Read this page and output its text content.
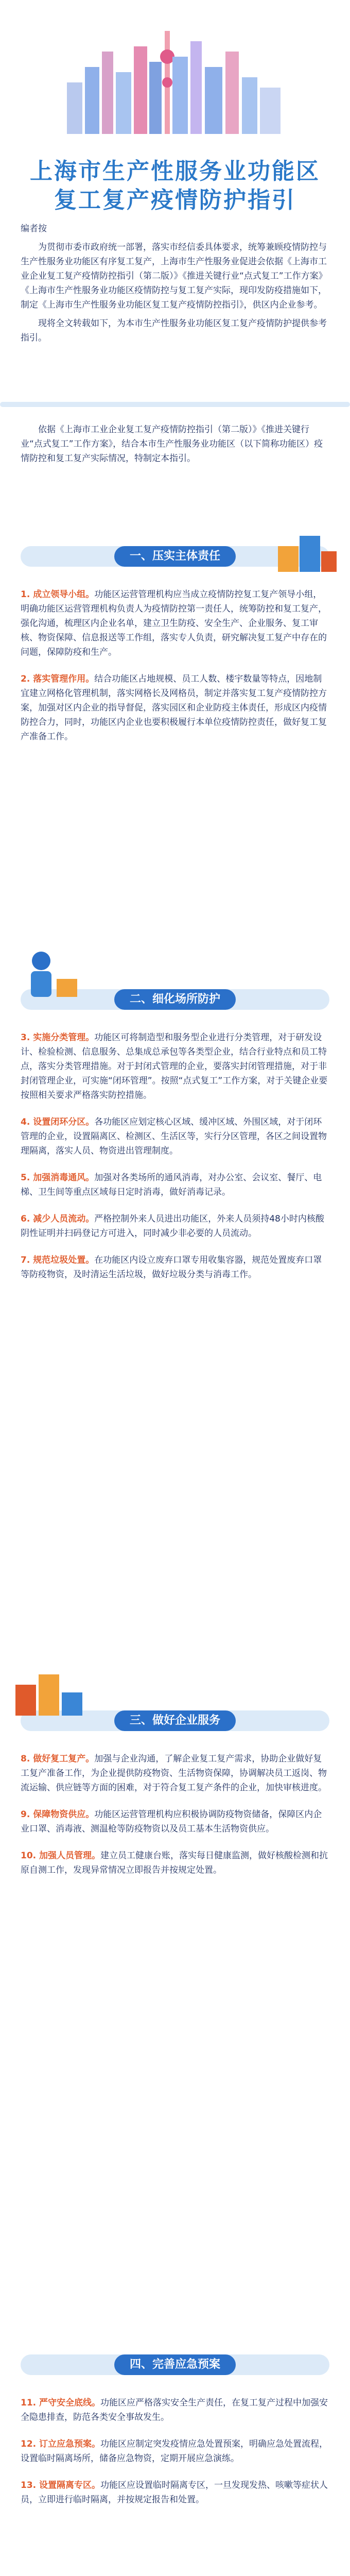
上海市生产性服务业功能区
复工复产疫情防护指引
编者按

为贯彻市委市政府统一部署，落实市经信委具体要求，统筹兼顾疫情防控与生产性服务业功能区有序复工复产，上海市生产性服务业促进会依据《上海市工业企业复工复产疫情防控指引（第二版）》《推进关键行业“点式复工”工作方案》《上海市生产性服务业功能区疫情防控与复工复产实际，现印发防疫措施如下，制定《上海市生产性服务业功能区复工复产疫情防控指引》，供区内企业参考。

现将全文转载如下，为本市生产性服务业功能区复工复产疫情防护提供参考指引。

依据《上海市工业企业复工复产疫情防控指引（第二版）》《推进关键行业“点式复工”工作方案》，结合本市生产性服务业功能区（以下简称功能区）疫情防控和复工复产实际情况，特制定本指引。

一、压实主体责任

1. 成立领导小组。功能区运营管理机构应当成立疫情防控复工复产领导小组，明确功能区运营管理机构负责人为疫情防控第一责任人，统筹防控和复工复产，强化沟通，梳理区内企业名单，建立卫生防疫、安全生产、企业服务、复工审核、物资保障、信息报送等工作组，落实专人负责，研究解决复工复产中存在的问题，保障防疫和生产。

2. 落实管理作用。结合功能区占地规模、员工人数、楼宇数量等特点，因地制宜建立网格化管理机制，落实网格长及网格员，制定并落实复工复产疫情防控方案，加强对区内企业的指导督促，落实园区和企业防疫主体责任，形成区内疫情防控合力，同时，功能区内企业也要积极履行本单位疫情防控责任，做好复工复产准备工作。

二、细化场所防护

3. 实施分类管理。功能区可将制造型和服务型企业进行分类管理，对于研发设计、检验检测、信息服务、总集成总承包等各类型企业，结合行业特点和员工特点，落实分类管理措施。对于封闭式管理的企业，要落实封闭管理措施，对于非封闭管理企业，可实施“闭环管理”。按照“点式复工”工作方案，对于关键企业要按照相关要求严格落实防控措施。

4. 设置闭环分区。各功能区应划定核心区域、缓冲区域、外围区域，对于闭环管理的企业，设置隔离区、检测区、生活区等，实行分区管理，各区之间设置物理隔离，落实人员、物资进出管理制度。

5. 加强消毒通风。加强对各类场所的通风消毒，对办公室、会议室、餐厅、电梯、卫生间等重点区域每日定时消毒，做好消毒记录。

6. 减少人员流动。严格控制外来人员进出功能区，外来人员须持48小时内核酸阴性证明并扫码登记方可进入，同时减少非必要的人员流动。

7. 规范垃圾处置。在功能区内设立废弃口罩专用收集容器，规范处置废弃口罩等防疫物资，及时清运生活垃圾，做好垃圾分类与消毒工作。

三、做好企业服务

8. 做好复工复产。加强与企业沟通，了解企业复工复产需求，协助企业做好复工复产准备工作，为企业提供防疫物资、生活物资保障，协调解决员工返岗、物流运输、供应链等方面的困难，对于符合复工复产条件的企业，加快审核进度。

9. 保障物资供应。功能区运营管理机构应积极协调防疫物资储备，保障区内企业口罩、消毒液、测温枪等防疫物资以及员工基本生活物资供应。

10. 加强人员管理。建立员工健康台账，落实每日健康监测，做好核酸检测和抗原自测工作，发现异常情况立即报告并按规定处置。

四、完善应急预案

11. 严守安全底线。功能区应严格落实安全生产责任，在复工复产过程中加强安全隐患排查，防范各类安全事故发生。

12. 订立应急预案。功能区应制定突发疫情应急处置预案，明确应急处置流程，设置临时隔离场所，储备应急物资，定期开展应急演练。

13. 设置隔离专区。功能区应设置临时隔离专区，一旦发现发热、咳嗽等症状人员，立即进行临时隔离，并按规定报告和处置。
